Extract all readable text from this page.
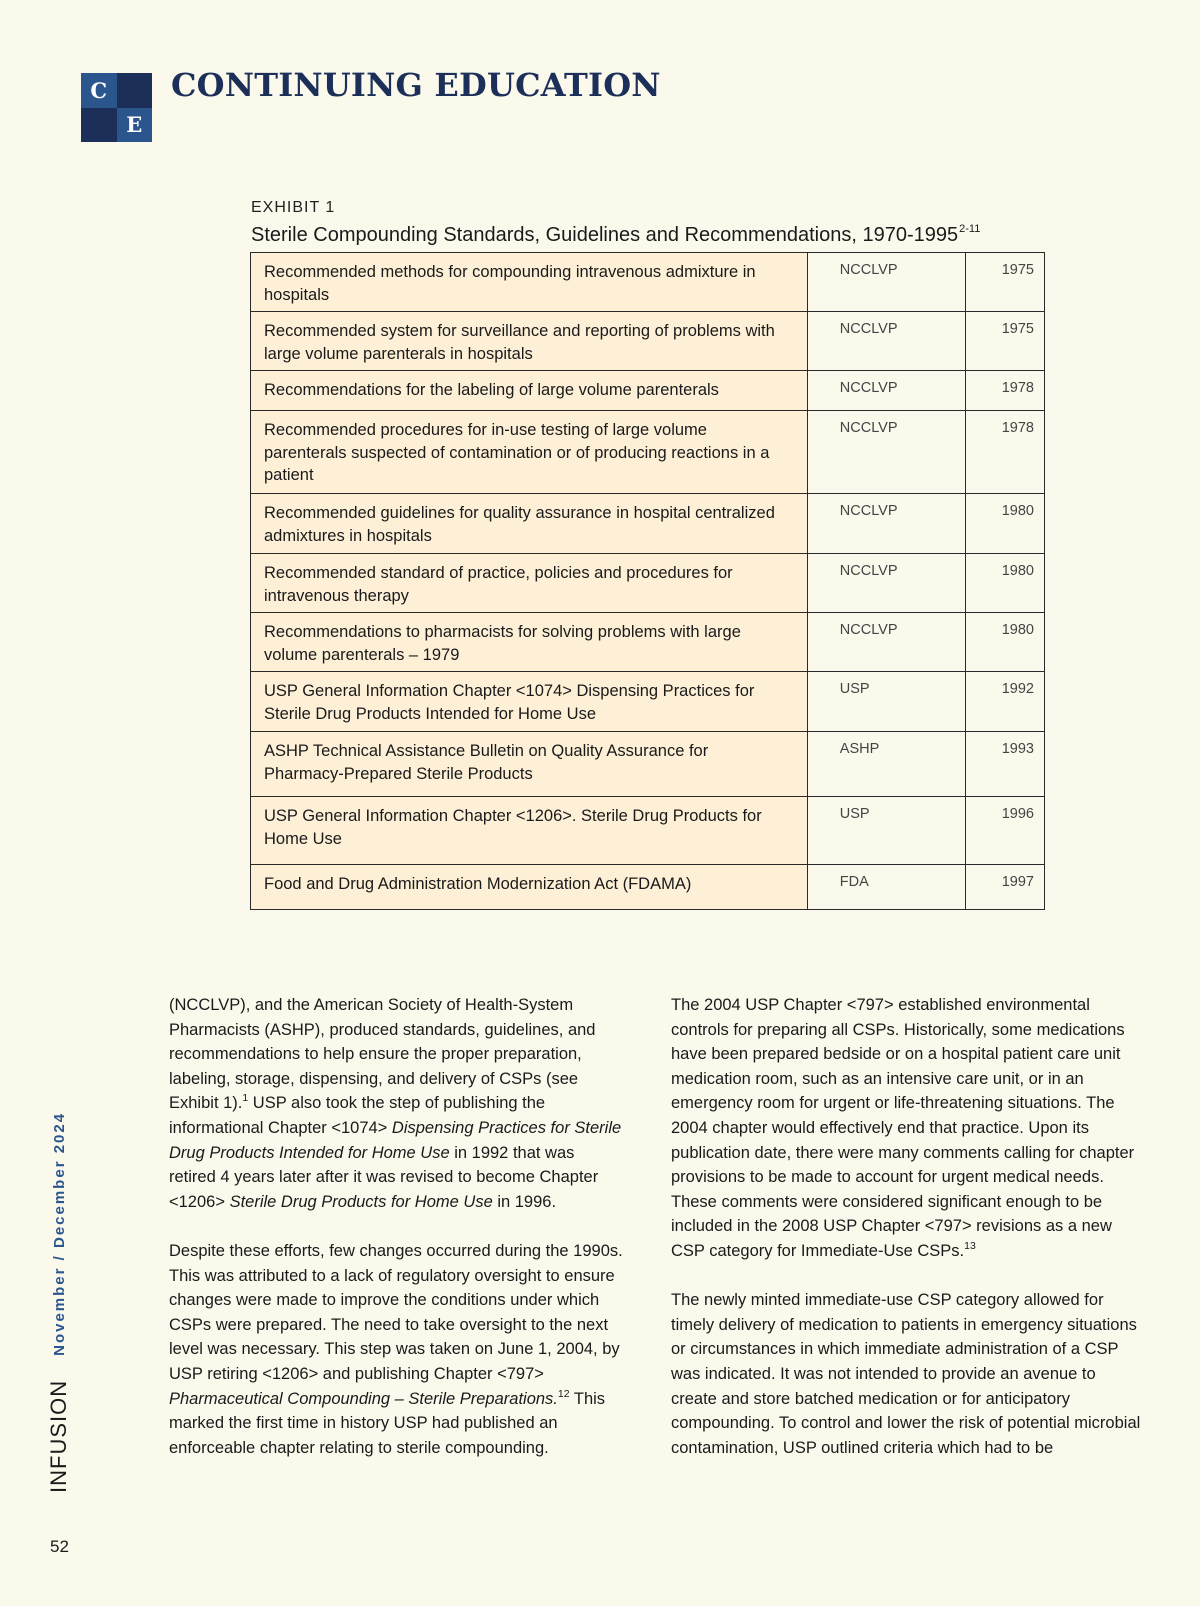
C
E
CONTINUING EDUCATION
EXHIBIT 1
Sterile Compounding Standards, Guidelines and Recommendations, 1970-1995$^{2-11}$
Recommended methods for compounding intravenous admixture in hospitals	NCCLVP	1975
Recommended system for surveillance and reporting of problems with large volume parenterals in hospitals	NCCLVP	1975
Recommendations for the labeling of large volume parenterals	NCCLVP	1978
Recommended procedures for in-use testing of large volume parenterals suspected of contamination or of producing reactions in a patient	NCCLVP	1978
Recommended guidelines for quality assurance in hospital centralized admixtures in hospitals	NCCLVP	1980
Recommended standard of practice, policies and procedures for intravenous therapy	NCCLVP	1980
Recommendations to pharmacists for solving problems with large volume parenterals – 1979	NCCLVP	1980
USP General Information Chapter <1074> Dispensing Practices for Sterile Drug Products Intended for Home Use	USP	1992
ASHP Technical Assistance Bulletin on Quality Assurance for Pharmacy-Prepared Sterile Products	ASHP	1993
USP General Information Chapter <1206>. Sterile Drug Products for Home Use	USP	1996
Food and Drug Administration Modernization Act (FDAMA)	FDA	1997

(NCCLVP), and the American Society of Health-System Pharmacists (ASHP), produced standards, guidelines, and recommendations to help ensure the proper preparation, labeling, storage, dispensing, and delivery of CSPs (see Exhibit 1).$^1$ USP also took the step of publishing the informational Chapter <1074> Dispensing Practices for Sterile Drug Products Intended for Home Use in 1992 that was retired 4 years later after it was revised to become Chapter <1206> Sterile Drug Products for Home Use in 1996.

Despite these efforts, few changes occurred during the 1990s. This was attributed to a lack of regulatory oversight to ensure changes were made to improve the conditions under which CSPs were prepared. The need to take oversight to the next level was necessary. This step was taken on June 1, 2004, by USP retiring <1206> and publishing Chapter <797> Pharmaceutical Compounding – Sterile Preparations.$^{12}$ This marked the first time in history USP had published an enforceable chapter relating to sterile compounding.

The 2004 USP Chapter <797> established environmental controls for preparing all CSPs. Historically, some medications have been prepared bedside or on a hospital patient care unit medication room, such as an intensive care unit, or in an emergency room for urgent or life-threatening situations. The 2004 chapter would effectively end that practice. Upon its publication date, there were many comments calling for chapter provisions to be made to account for urgent medical needs. These comments were considered significant enough to be included in the 2008 USP Chapter <797> revisions as a new CSP category for Immediate-Use CSPs.$^{13}$

The newly minted immediate-use CSP category allowed for timely delivery of medication to patients in emergency situations or circumstances in which immediate administration of a CSP was indicated. It was not intended to provide an avenue to create and store batched medication or for anticipatory compounding. To control and lower the risk of potential microbial contamination, USP outlined criteria which had to be

INFUSION
November / December 2024
52
